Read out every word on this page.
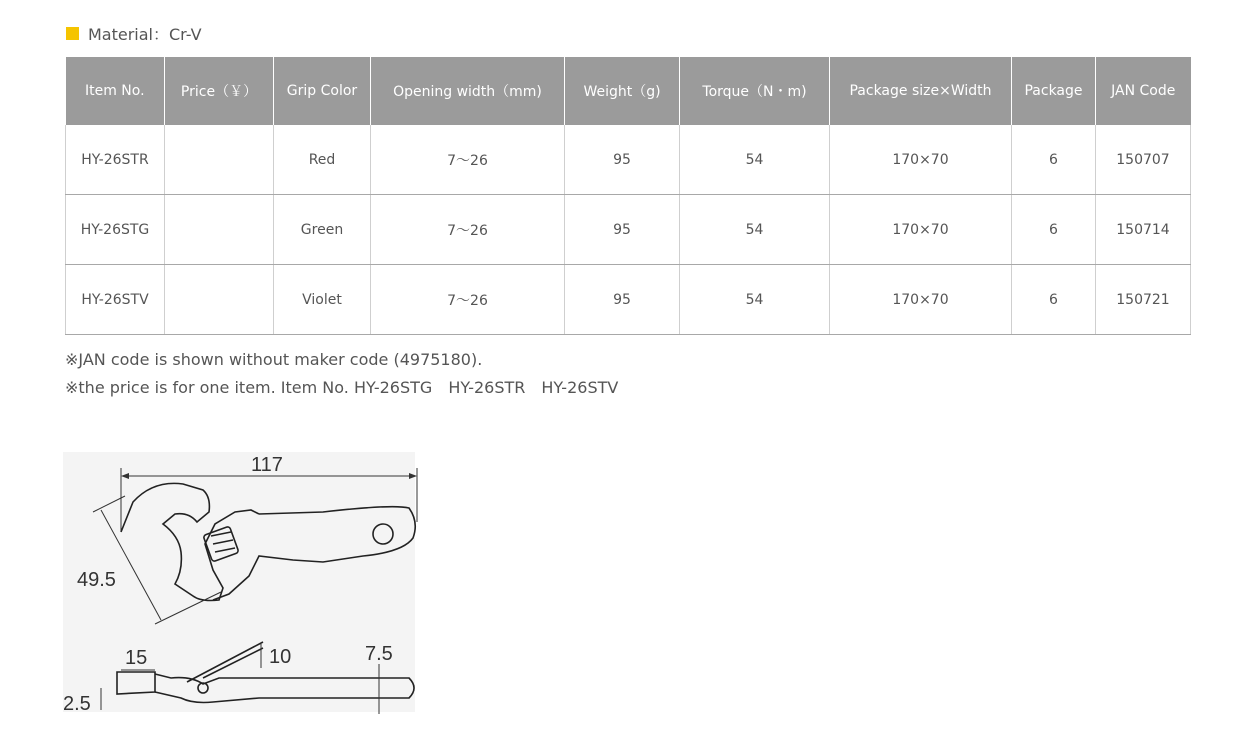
Material：Cr-V
Item No.	Price（￥）	Grip Color	Opening width（mm)	Weight（g)	Torque（N・m)	Package size×Width	Package	JAN Code
HY-26STR		Red	7～26	95	54	170×70	6	150707
HY-26STG		Green	7～26	95	54	170×70	6	150714
HY-26STV		Violet	7～26	95	54	170×70	6	150721
※JAN code is shown without maker code (4975180).
※the price is for one item. Item No. HY-26STG　HY-26STR　HY-26STV
117
49.5
15	10	7.5
2.5
